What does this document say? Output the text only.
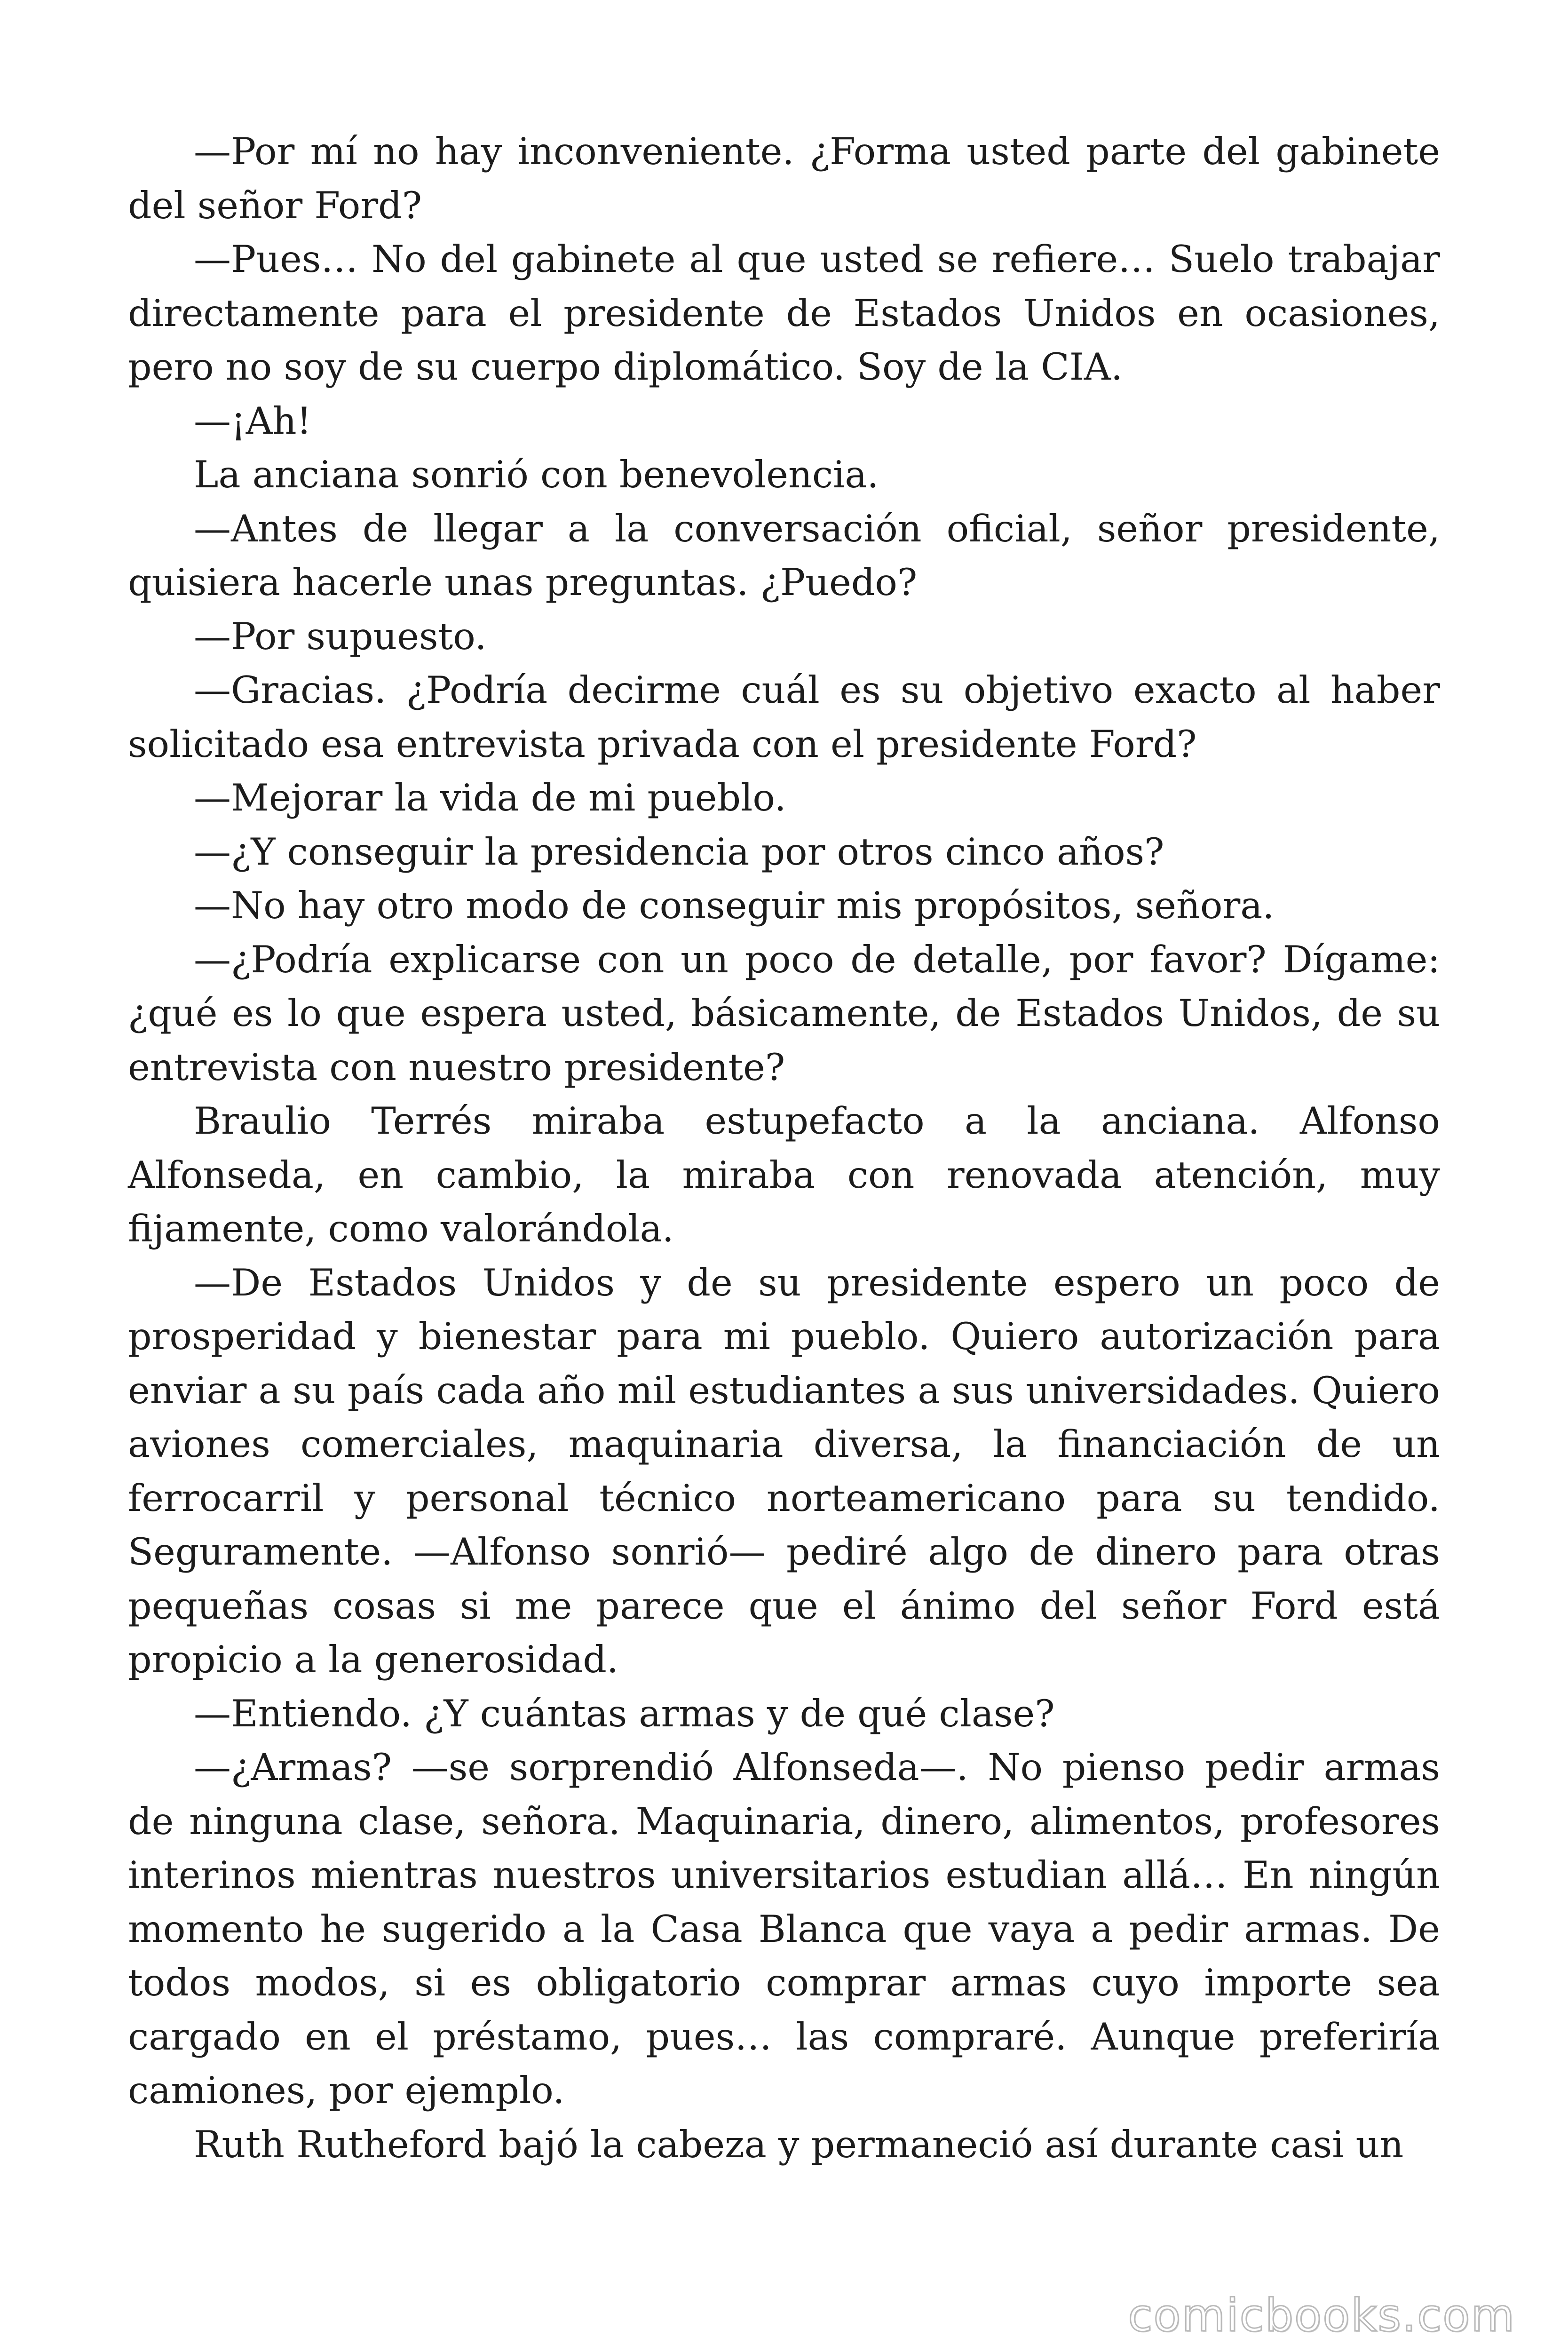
—Por mí no hay inconveniente. ¿Forma usted parte del gabinete del señor Ford?

—Pues… No del gabinete al que usted se refiere… Suelo trabajar directamente para el presidente de Estados Unidos en ocasiones, pero no soy de su cuerpo diplomático. Soy de la CIA.

—¡Ah!

La anciana sonrió con benevolencia.

—Antes de llegar a la conversación oficial, señor presidente, quisiera hacerle unas preguntas. ¿Puedo?

—Por supuesto.

—Gracias. ¿Podría decirme cuál es su objetivo exacto al haber solicitado esa entrevista privada con el presidente Ford?

—Mejorar la vida de mi pueblo.

—¿Y conseguir la presidencia por otros cinco años?

—No hay otro modo de conseguir mis propósitos, señora.

—¿Podría explicarse con un poco de detalle, por favor? Dígame: ¿qué es lo que espera usted, básicamente, de Estados Unidos, de su entrevista con nuestro presidente?

Braulio Terrés miraba estupefacto a la anciana. Alfonso Alfonseda, en cambio, la miraba con renovada atención, muy fijamente, como valorándola.

—De Estados Unidos y de su presidente espero un poco de prosperidad y bienestar para mi pueblo. Quiero autorización para enviar a su país cada año mil estudiantes a sus universidades. Quiero aviones comerciales, maquinaria diversa, la financiación de un ferrocarril y personal técnico norteamericano para su tendido. Seguramente. —Alfonso sonrió— pediré algo de dinero para otras pequeñas cosas si me parece que el ánimo del señor Ford está propicio a la generosidad.

—Entiendo. ¿Y cuántas armas y de qué clase?

—¿Armas? —se sorprendió Alfonseda—. No pienso pedir armas de ninguna clase, señora. Maquinaria, dinero, alimentos, profesores interinos mientras nuestros universitarios estudian allá… En ningún momento he sugerido a la Casa Blanca que vaya a pedir armas. De todos modos, si es obligatorio comprar armas cuyo importe sea cargado en el préstamo, pues… las compraré. Aunque preferiría camiones, por ejemplo.

Ruth Rutheford bajó la cabeza y permaneció así durante casi un

comicbooks.com
